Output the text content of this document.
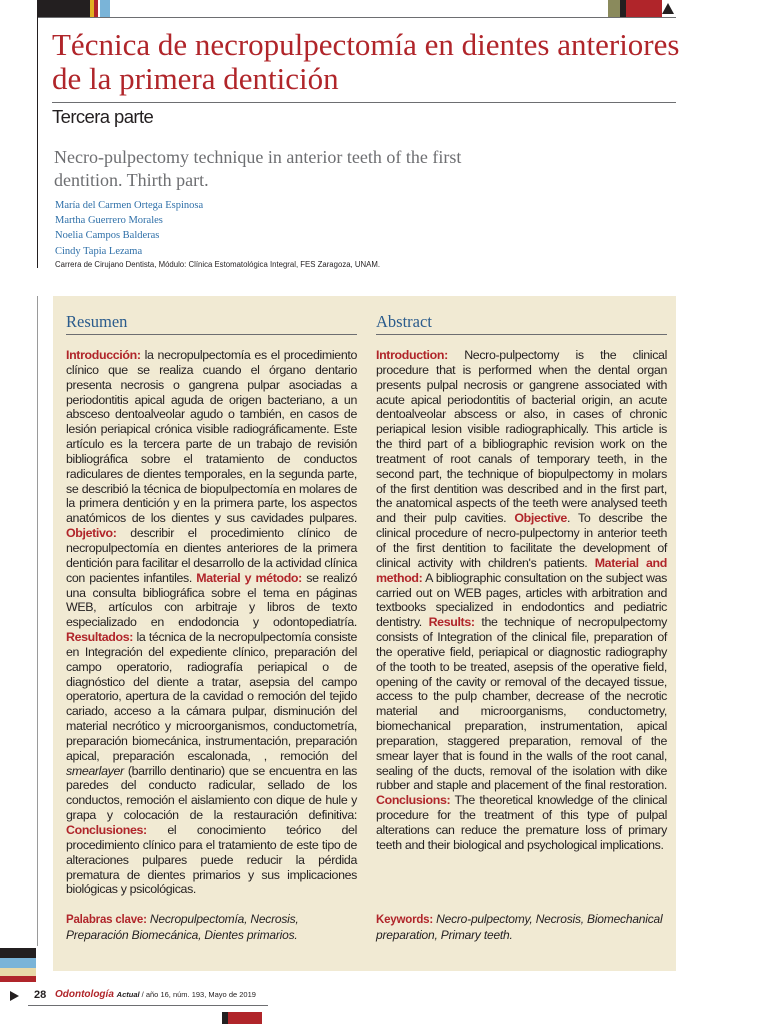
Técnica de necropulpectomía en dientes anteriores de la primera dentición
Tercera parte
Necro-pulpectomy technique in anterior teeth of the first dentition. Thirth part.
María del Carmen Ortega Espinosa
Martha Guerrero Morales
Noelia Campos Balderas
Cindy Tapia Lezama
Carrera de Cirujano Dentista, Módulo: Clínica Estomatológica Integral, FES Zaragoza, UNAM.
Resumen
Introducción: la necropulpectomía es el procedimiento clínico que se realiza cuando el órgano dentario presenta necrosis o gangrena pulpar asociadas a periodontitis apical aguda de origen bacteriano, a un absceso dentoalveolar agudo o también, en casos de lesión periapical crónica visible radiográficamente. Este artículo es la tercera parte de un trabajo de revisión bibliográfica sobre el tratamiento de conductos radiculares de dientes temporales, en la segunda parte, se describió la técnica de biopulpectomía en molares de la primera dentición y en la primera parte, los aspectos anatómicos de los dientes y sus cavidades pulpares. Objetivo: describir el procedimiento clínico de necropulpectomía en dientes anteriores de la primera dentición para facilitar el desarrollo de la actividad clínica con pacientes infantiles. Material y método: se realizó una consulta bibliográfica sobre el tema en páginas WEB, artículos con arbitraje y libros de texto especializado en endodoncia y odontopediatría. Resultados: la técnica de la necropulpectomía consiste en Integración del expediente clínico, preparación del campo operatorio, radiografía periapical o de diagnóstico del diente a tratar, asepsia del campo operatorio, apertura de la cavidad o remoción del tejido cariado, acceso a la cámara pulpar, disminución del material necrótico y microorganismos, conductometría, preparación biomecánica, instrumentación, preparación apical, preparación escalonada, , remoción del smearlayer (barrillo dentinario) que se encuentra en las paredes del conducto radicular, sellado de los conductos, remoción el aislamiento con dique de hule y grapa y colocación de la restauración definitiva: Conclusiones: el conocimiento teórico del procedimiento clínico para el tratamiento de este tipo de alteraciones pulpares puede reducir la pérdida prematura de dientes primarios y sus implicaciones biológicas y psicológicas.
Palabras clave: Necropulpectomía, Necrosis, Preparación Biomecánica, Dientes primarios.
Abstract
Introduction: Necro-pulpectomy is the clinical procedure that is performed when the dental organ presents pulpal necrosis or gangrene associated with acute apical periodontitis of bacterial origin, an acute dentoalveolar abscess or also, in cases of chronic periapical lesion visible radiographically. This article is the third part of a bibliographic revision work on the treatment of root canals of temporary teeth, in the second part, the technique of biopulpectomy in molars of the first dentition was described and in the first part, the anatomical aspects of the teeth were analysed teeth and their pulp cavities. Objective. To describe the clinical procedure of necro-pulpectomy in anterior teeth of the first dentition to facilitate the development of clinical activity with children's patients. Material and method: A bibliographic consultation on the subject was carried out on WEB pages, articles with arbitration and textbooks specialized in endodontics and pediatric dentistry. Results: the technique of necropulpectomy consists of Integration of the clinical file, preparation of the operative field, periapical or diagnostic radiography of the tooth to be treated, asepsis of the operative field, opening of the cavity or removal of the decayed tissue, access to the pulp chamber, decrease of the necrotic material and microorganisms, conductometry, biomechanical preparation, instrumentation, apical preparation, staggered preparation, removal of the smear layer that is found in the walls of the root canal, sealing of the ducts, removal of the isolation with dike rubber and staple and placement of the final restoration. Conclusions: The theoretical knowledge of the clinical procedure for the treatment of this type of pulpal alterations can reduce the premature loss of primary teeth and their biological and psychological implications.
Keywords: Necro-pulpectomy, Necrosis, Biomechanical preparation, Primary teeth.
28 Odontología Actual / año 16, núm. 193, Mayo de 2019
